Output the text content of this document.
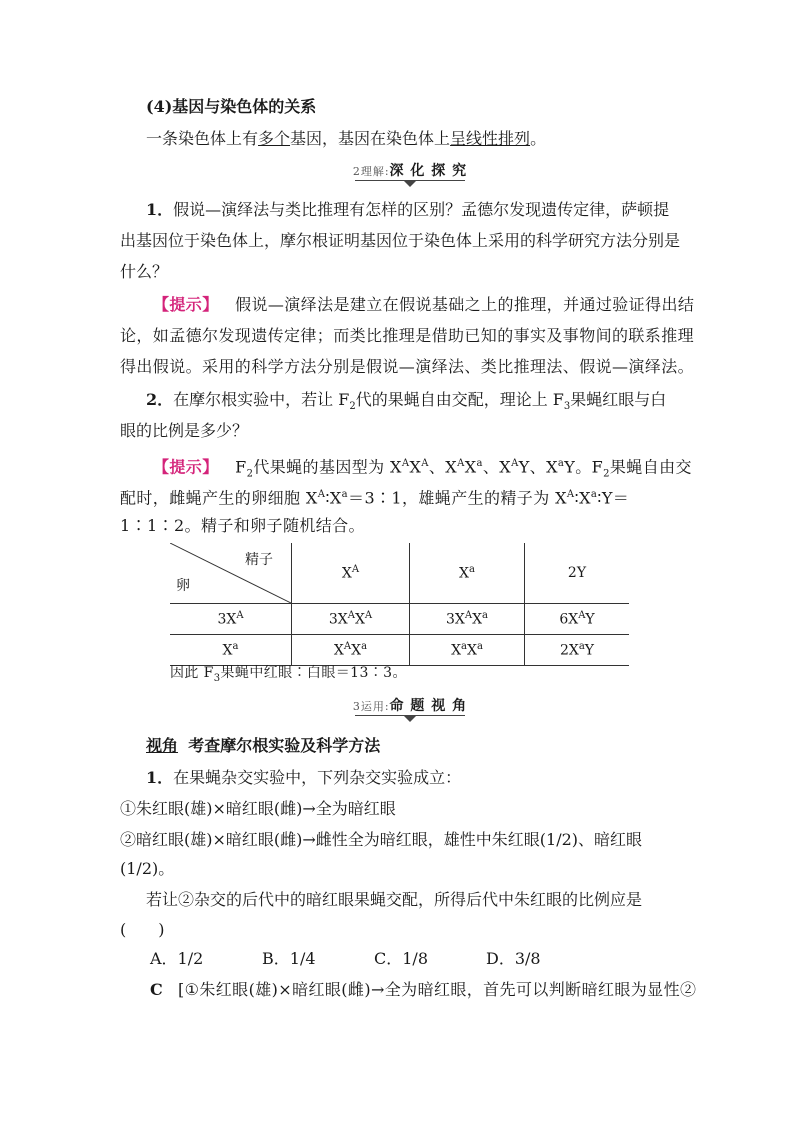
(4)基因与染色体的关系
一条染色体上有多个基因，基因在染色体上呈线性排列。
2理解:深 化 探 究
1．假说—演绎法与类比推理有怎样的区别？孟德尔发现遗传定律，萨顿提
出基因位于染色体上，摩尔根证明基因位于染色体上采用的科学研究方法分别是
什么？
【提示】 假说—演绎法是建立在假说基础之上的推理，并通过验证得出结
论，如孟德尔发现遗传定律；而类比推理是借助已知的事实及事物间的联系推理
得出假说。采用的科学方法分别是假说—演绎法、类比推理法、假说—演绎法。
2．在摩尔根实验中，若让 $F_2$代的果蝇自由交配，理论上 $F_3$果蝇红眼与白
眼的比例是多少？
【提示】 $F_2$代果蝇的基因型为 $X^AX^A$、$X^AX^a$、$X^AY$、$X^aY$。$F_2$果蝇自由交
配时，雌蝇产生的卵细胞 $X^A∶X^a=3∶1$，雄蝇产生的精子为 $X^A∶X^a∶Y=$
1∶1∶2。精子和卵子随机结合。
精子
卵	$X^A$	$X^a$	2Y
$3X^A$	$3X^AX^A$	$3X^AX^a$	$6X^AY$
$X^a$	$X^AX^a$	$X^aX^a$	$2X^aY$
因此 $F_3$果蝇中红眼∶白眼＝13∶3。
3运用:命 题 视 角
视角 考查摩尔根实验及科学方法
1．在果蝇杂交实验中，下列杂交实验成立：
①朱红眼(雄)×暗红眼(雌)→全为暗红眼
②暗红眼(雄)×暗红眼(雌)→雌性全为暗红眼，雄性中朱红眼(1/2)、暗红眼
(1/2)。
若让②杂交的后代中的暗红眼果蝇交配，所得后代中朱红眼的比例应是
(　　)
A．1/2	B．1/4	C．1/8	D．3/8
C [①朱红眼(雄)×暗红眼(雌)→全为暗红眼，首先可以判断暗红眼为显性②
